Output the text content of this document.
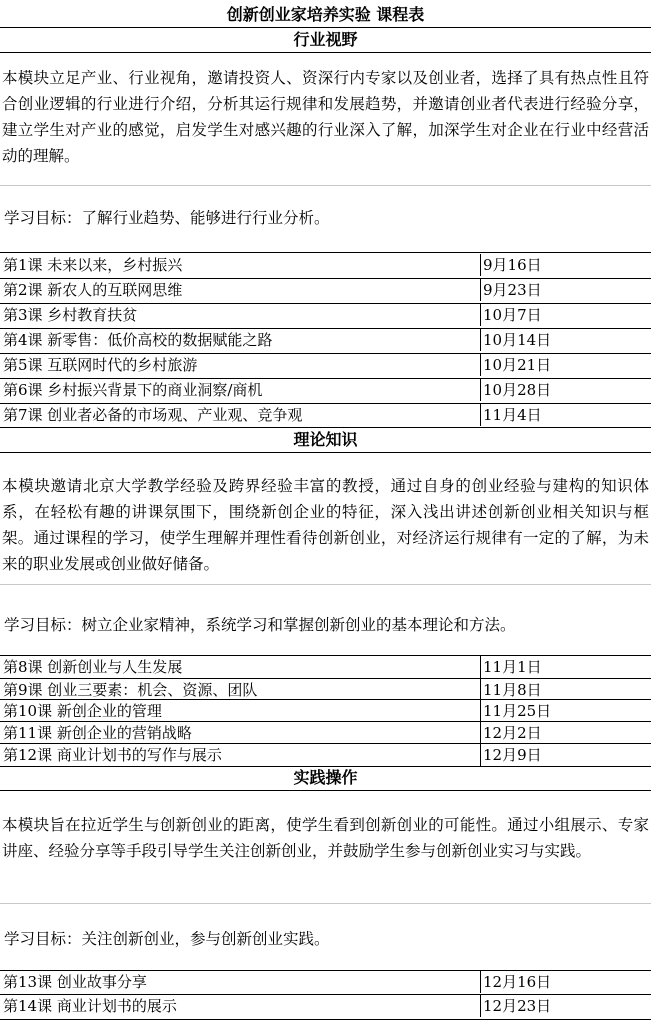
创新创业家培养实验 课程表
行业视野
本模块立足产业、行业视角，邀请投资人、资深行内专家以及创业者，选择了具有热点性且符合创业逻辑的行业进行介绍，分析其运行规律和发展趋势，并邀请创业者代表进行经验分享，建立学生对产业的感觉，启发学生对感兴趣的行业深入了解，加深学生对企业在行业中经营活动的理解。
学习目标：了解行业趋势、能够进行行业分析。
第1课 未来以来，乡村振兴	9月16日
第2课 新农人的互联网思维	9月23日
第3课 乡村教育扶贫	10月7日
第4课 新零售：低价高校的数据赋能之路	10月14日
第5课 互联网时代的乡村旅游	10月21日
第6课 乡村振兴背景下的商业洞察/商机	10月28日
第7课 创业者必备的市场观、产业观、竞争观	11月4日
理论知识
本模块邀请北京大学教学经验及跨界经验丰富的教授，通过自身的创业经验与建构的知识体系，在轻松有趣的讲课氛围下，围绕新创企业的特征，深入浅出讲述创新创业相关知识与框架。通过课程的学习，使学生理解并理性看待创新创业，对经济运行规律有一定的了解，为未来的职业发展或创业做好储备。
学习目标：树立企业家精神，系统学习和掌握创新创业的基本理论和方法。
第8课 创新创业与人生发展	11月1日
第9课 创业三要素：机会、资源、团队	11月8日
第10课 新创企业的管理	11月25日
第11课 新创企业的营销战略	12月2日
第12课 商业计划书的写作与展示	12月9日
实践操作
本模块旨在拉近学生与创新创业的距离，使学生看到创新创业的可能性。通过小组展示、专家讲座、经验分享等手段引导学生关注创新创业，并鼓励学生参与创新创业实习与实践。
学习目标：关注创新创业，参与创新创业实践。
第13课 创业故事分享	12月16日
第14课 商业计划书的展示	12月23日
